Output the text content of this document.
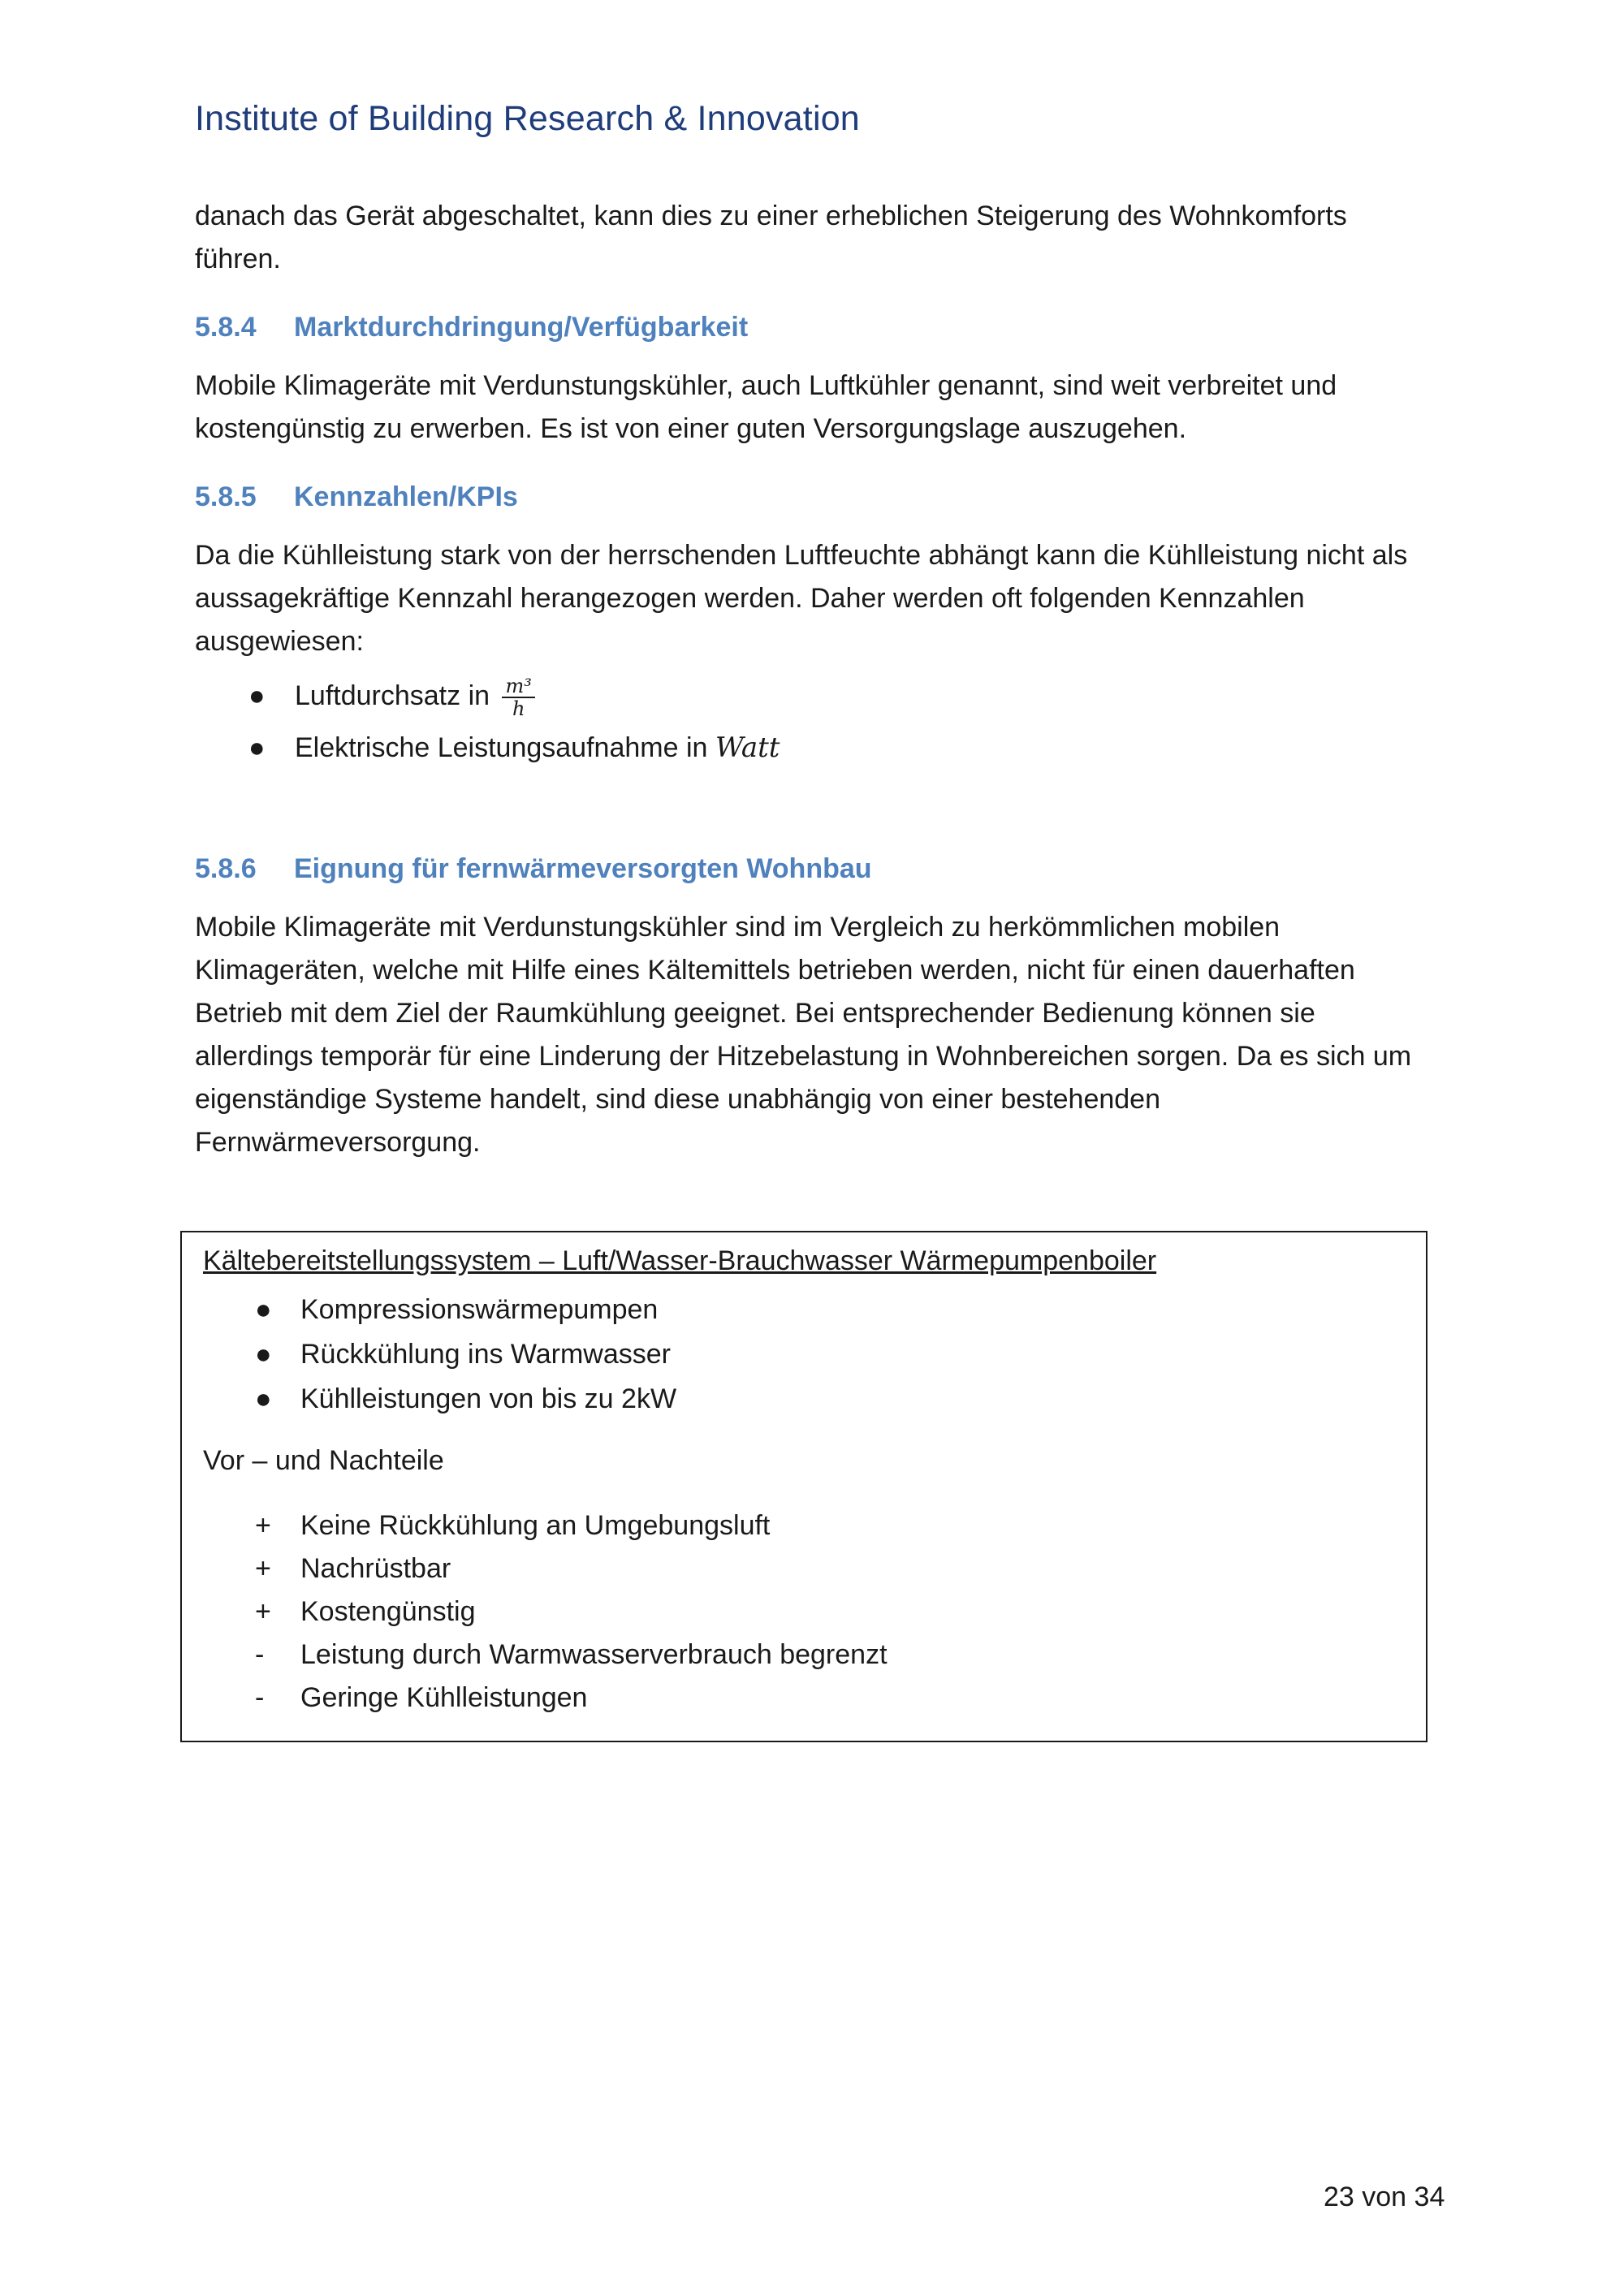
Institute of Building Research & Innovation

danach das Gerät abgeschaltet, kann dies zu einer erheblichen Steigerung des Wohnkomforts führen.

5.8.4	Marktdurchdringung/Verfügbarkeit

Mobile Klimageräte mit Verdunstungskühler, auch Luftkühler genannt, sind weit verbreitet und kostengünstig zu erwerben. Es ist von einer guten Versorgungslage auszugehen.

5.8.5	Kennzahlen/KPIs

Da die Kühlleistung stark von der herrschenden Luftfeuchte abhängt kann die Kühlleistung nicht als aussagekräftige Kennzahl herangezogen werden. Daher werden oft folgenden Kennzahlen ausgewiesen:

● Luftdurchsatz in $\frac{\text{m³}}{h}$
● Elektrische Leistungsaufnahme in Watt
5.8.6	Eignung für fernwärmeversorgten Wohnbau

Mobile Klimageräte mit Verdunstungskühler sind im Vergleich zu herkömmlichen mobilen Klimageräten, welche mit Hilfe eines Kältemittels betrieben werden, nicht für einen dauerhaften Betrieb mit dem Ziel der Raumkühlung geeignet. Bei entsprechender Bedienung können sie allerdings temporär für eine Linderung der Hitzebelastung in Wohnbereichen sorgen. Da es sich um eigenständige Systeme handelt, sind diese unabhängig von einer bestehenden Fernwärmeversorgung.

Kältebereitstellungssystem – Luft/Wasser-Brauchwasser Wärmepumpenboiler
● Kompressionswärmepumpen
● Rückkühlung ins Warmwasser
● Kühlleistungen von bis zu 2kW
Vor – und Nachteile
+ Keine Rückkühlung an Umgebungsluft
+ Nachrüstbar
+ Kostengünstig
- Leistung durch Warmwasserverbrauch begrenzt
- Geringe Kühlleistungen
23 von 34
